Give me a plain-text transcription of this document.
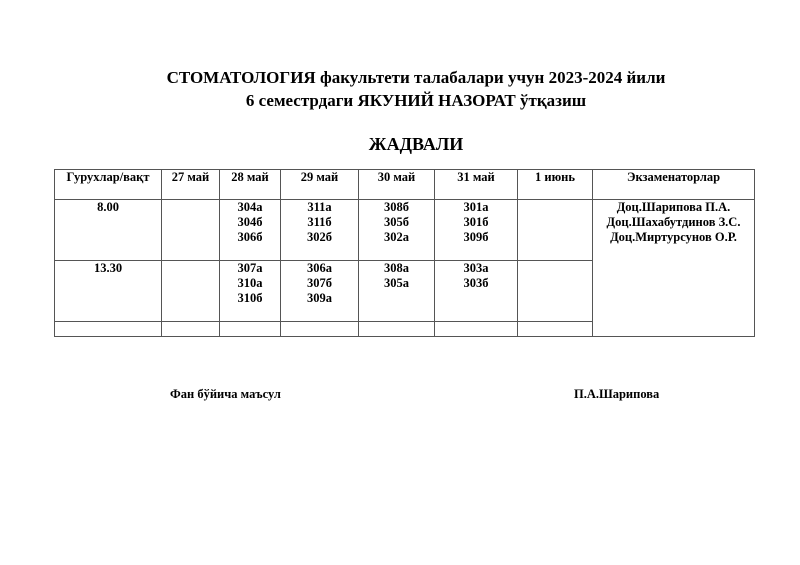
СТОМАТОЛОГИЯ факультети талабалари учун 2023-2024 йили
6 семестрдаги ЯКУНИЙ НАЗОРАТ ўтқазиш
ЖАДВАЛИ
Гурухлар/вақт	27 май	28 май	29 май	30 май	31 май	1 июнь	Экзаменаторлар
8.00		304а
304б
306б	311а
311б
302б	308б
305б
302а	301а
301б
309б		Доц.Шарипова П.А.
Доц.Шахабутдинов З.С.
Доц.Миртурсунов О.Р.

13.30		307а
310а
310б	306а
307б
309а	308а
305а	303а
303б		

Фан бўйича маъсул	П.А.Шарипова
